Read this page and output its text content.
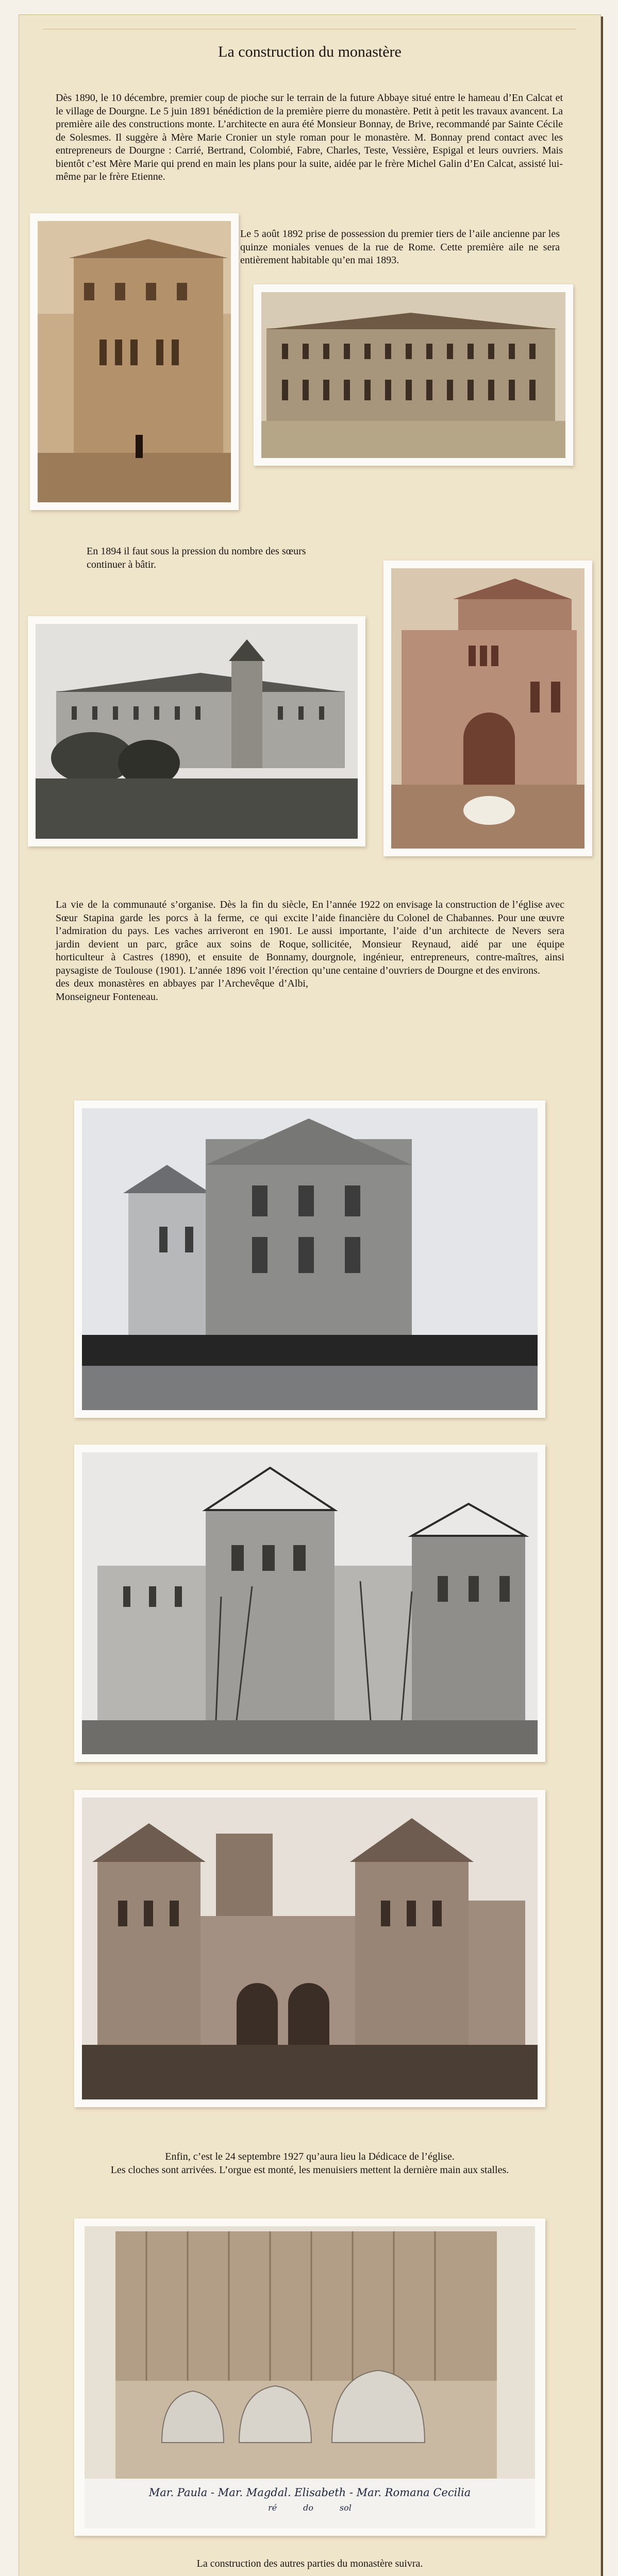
La construction du monastère
Dès 1890, le 10 décembre, premier coup de pioche sur le terrain de la future Abbaye situé entre le hameau d’En Calcat et le village de Dourgne. Le 5 juin 1891 bénédiction de la première pierre du monastère. Petit à petit les travaux avancent. La première aile des constructions monte. L’architecte en aura été Monsieur Bonnay, de Brive, recommandé par Sainte Cécile de Solesmes. Il suggère à Mère Marie Cronier un style roman pour le monastère. M. Bonnay prend contact avec les entrepreneurs de Dourgne : Carrié, Bertrand, Colombié, Fabre, Charles, Teste, Vessière, Espigal et leurs ouvriers. Mais bientôt c’est Mère Marie qui prend en main les plans pour la suite, aidée par le frère Michel Galin d’En Calcat, assisté lui-même par le frère Etienne.
Le 5 août 1892 prise de possession du premier tiers de l’aile ancienne par les quinze moniales venues de la rue de Rome. Cette première aile ne sera entièrement habitable qu’en mai 1893.
En 1894 il faut sous la pression du nombre des sœurs continuer à bâtir.
La vie de la communauté s’organise. Dès la fin du siècle, Sœur Stapina garde les porcs à la ferme, ce qui excite l’admiration du pays. Les vaches arriveront en 1901. Le jardin devient un parc, grâce aux soins de Roque, horticulteur à Castres (1890), et ensuite de Bonnamy, paysagiste de Toulouse (1901). L’année 1896 voit l’érection des deux monastères en abbayes par l’Archevêque d’Albi, Monseigneur Fonteneau.
En l’année 1922 on envisage la construction de l’église avec l’aide financière du Colonel de Chabannes. Pour une œuvre aussi importante, l’aide d’un architecte de Nevers sera sollicitée, Monsieur Reynaud, aidé par une équipe dourgnole, ingénieur, entrepreneurs, contre-maîtres, ainsi qu’une centaine d’ouvriers de Dourgne et des environs.
Enfin, c’est le 24 septembre 1927 qu’aura lieu la Dédicace de l’église.
Les cloches sont arrivées. L’orgue est monté, les menuisiers mettent la dernière main aux stalles.
Mar. Paula - Mar. Magdal. Elisabeth - Mar. Romana Cecilia
ré          do          sol
La construction des autres parties du monastère suivra.
